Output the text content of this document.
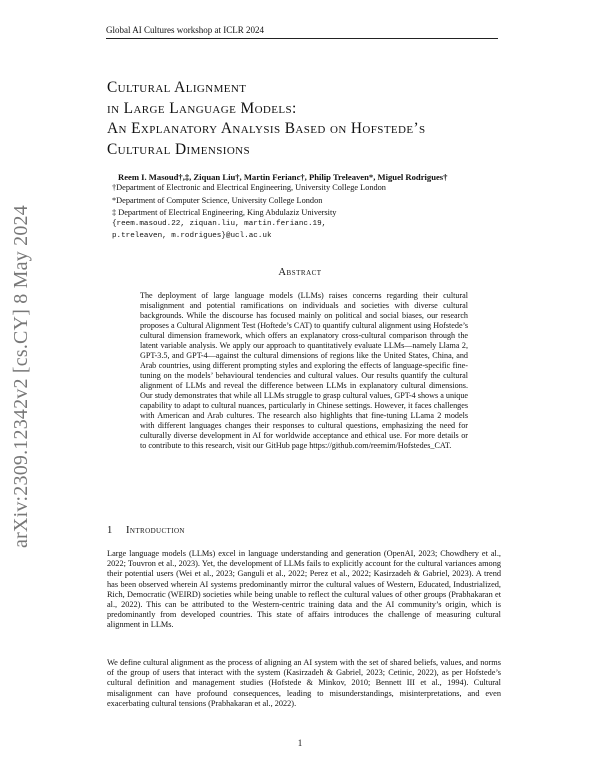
Global AI Cultures workshop at ICLR 2024
arXiv:2309.12342v2 [cs.CY] 8 May 2024
Cultural Alignment
in Large Language Models:
An Explanatory Analysis Based on Hofstede’s
Cultural Dimensions
Reem I. Masoud†,‡, Ziquan Liu†, Martin Ferianc†, Philip Treleaven*, Miguel Rodrigues†
†Department of Electronic and Electrical Engineering, University College London
*Department of Computer Science, University College London
‡ Department of Electrical Engineering, King Abdulaziz University
{reem.masoud.22, ziquan.liu, martin.ferianc.19,
p.treleaven, m.rodrigues}@ucl.ac.uk
Abstract

The deployment of large language models (LLMs) raises concerns regarding their cultural misalignment and potential ramifications on individuals and societies with diverse cultural backgrounds. While the discourse has focused mainly on political and social biases, our research proposes a Cultural Alignment Test (Hoftede’s CAT) to quantify cultural alignment using Hofstede’s cultural dimension framework, which offers an explanatory cross-cultural comparison through the latent variable analysis. We apply our approach to quantitatively evaluate LLMs—namely Llama 2, GPT-3.5, and GPT-4—against the cultural dimensions of regions like the United States, China, and Arab countries, using different prompting styles and exploring the effects of language-specific fine-tuning on the models’ behavioural tendencies and cultural values. Our results quantify the cultural alignment of LLMs and reveal the difference between LLMs in explanatory cultural dimensions. Our study demonstrates that while all LLMs struggle to grasp cultural values, GPT-4 shows a unique capability to adapt to cultural nuances, particularly in Chinese settings. However, it faces challenges with American and Arab cultures. The research also highlights that fine-tuning LLama 2 models with different languages changes their responses to cultural questions, emphasizing the need for culturally diverse development in AI for worldwide acceptance and ethical use. For more details or to contribute to this research, visit our GitHub page https://github.com/reemim/Hofstedes_CAT.

1 Introduction

Large language models (LLMs) excel in language understanding and generation (OpenAI, 2023; Chowdhery et al., 2022; Touvron et al., 2023). Yet, the development of LLMs fails to explicitly account for the cultural variances among their potential users (Wei et al., 2023; Ganguli et al., 2022; Perez et al., 2022; Kasirzadeh & Gabriel, 2023). A trend has been observed wherein AI systems predominantly mirror the cultural values of Western, Educated, Industrialized, Rich, Democratic (WEIRD) societies while being unable to reflect the cultural values of other groups (Prabhakaran et al., 2022). This can be attributed to the Western-centric training data and the AI community’s origin, which is predominantly from developed countries. This state of affairs introduces the challenge of measuring cultural alignment in LLMs.

We define cultural alignment as the process of aligning an AI system with the set of shared beliefs, values, and norms of the group of users that interact with the system (Kasirzadeh & Gabriel, 2023; Cetinic, 2022), as per Hofstede’s cultural definition and management studies (Hofstede & Minkov, 2010; Bennett III et al., 1994). Cultural misalignment can have profound consequences, leading to misunderstandings, misinterpretations, and even exacerbating cultural tensions (Prabhakaran et al., 2022).

1
